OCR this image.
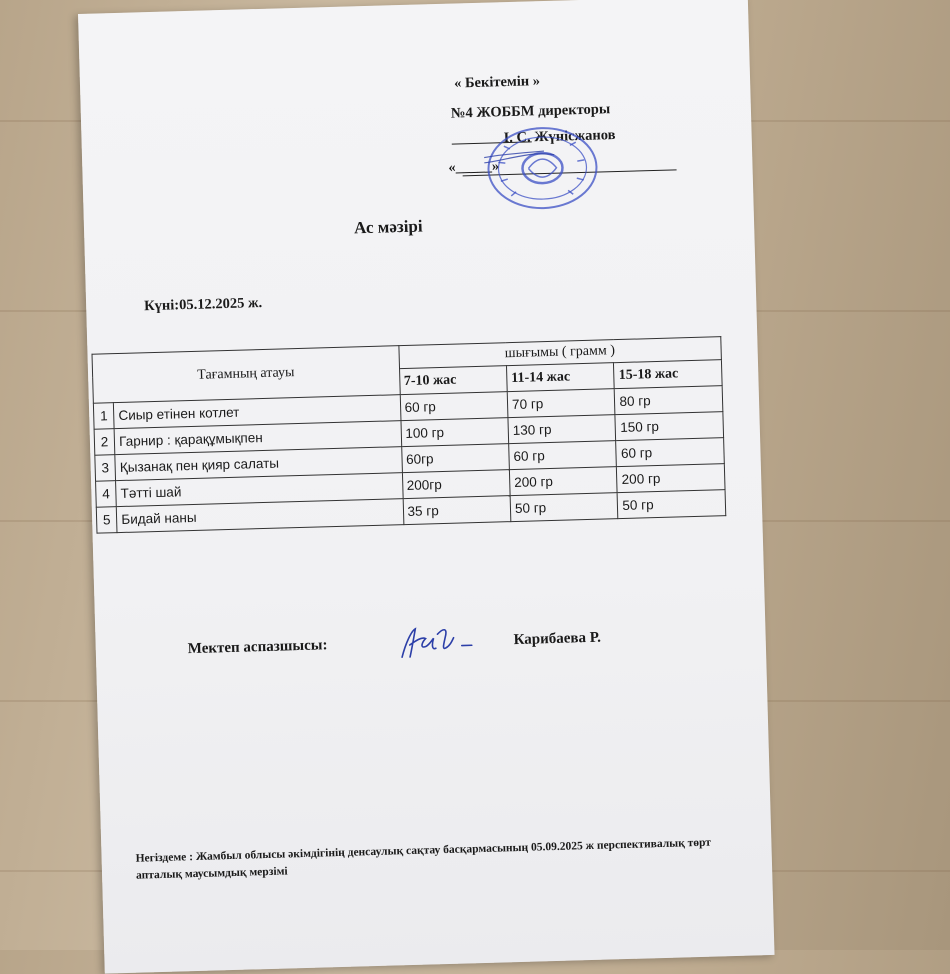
« Бекітемін »
№4 ЖОББМ директоры
І. С. Жүнісжанов
«_____»
Ас мәзірі
Күні:05.12.2025 ж.
Тағамның атауы		шығымы ( грамм )		
		7-10 жас	11-14 жас	15-18 жас
1	Сиыр етінен котлет	60 гр	70 гр	80 гр
2	Гарнир : қарақұмықпен	100 гр	130 гр	150 гр
3	Қызанақ пен қияр салаты	60гр	60 гр	60 гр
4	Тәтті шай	200гр	200 гр	200 гр
5	Бидай наны	35 гр	50 гр	50 гр
Мектеп аспазшысы:	Карибаева Р.
Негіздеме : Жамбыл облысы әкімдігінің денсаулық сақтау басқармасының 05.09.2025 ж перспективалық төрт апталық маусымдық мерзімі
